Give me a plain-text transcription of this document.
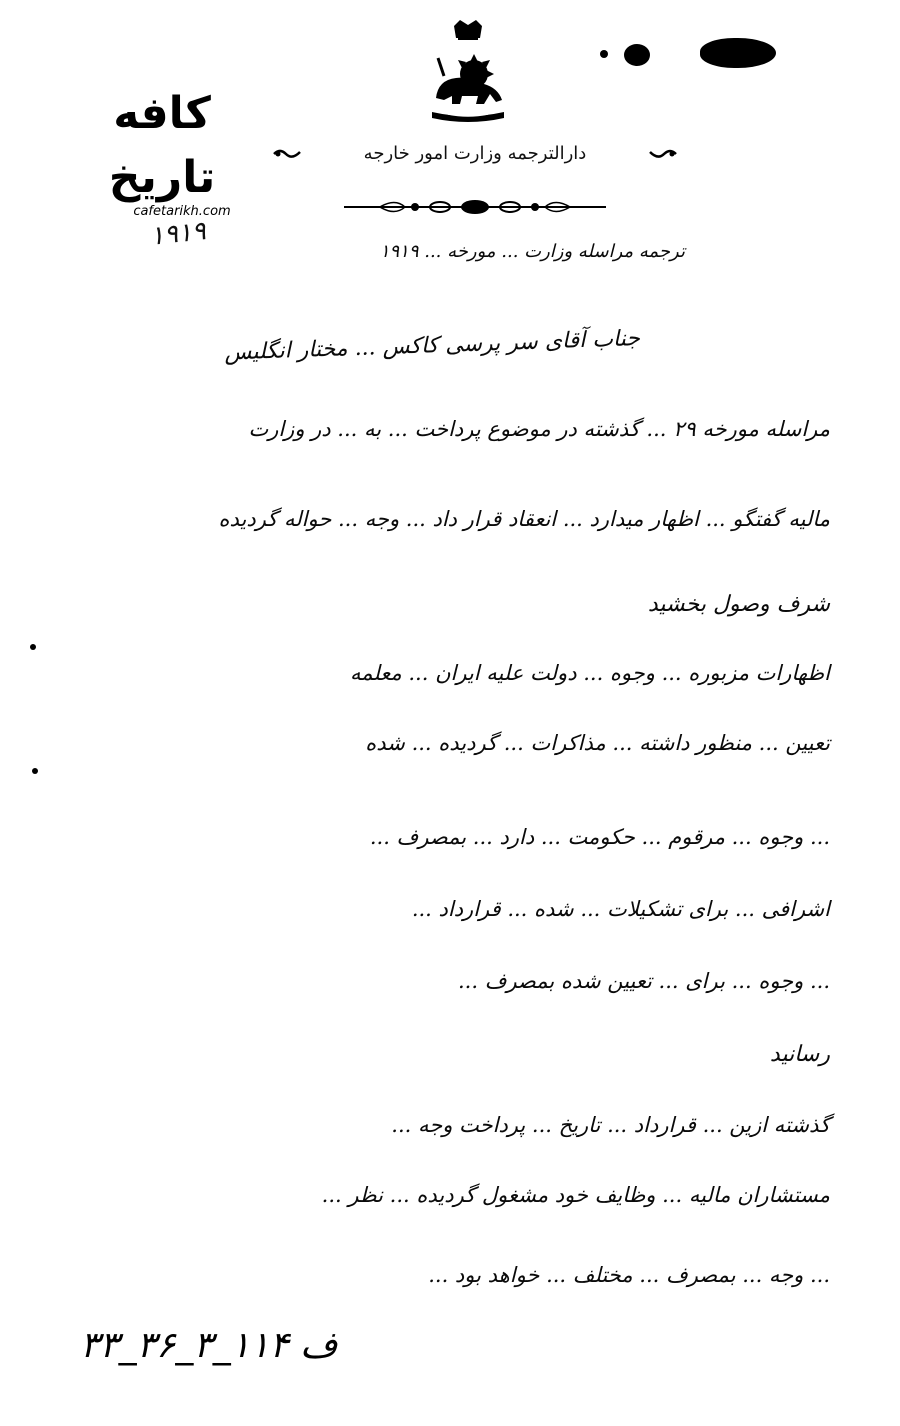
کافه تاریخ
cafetarikh.com
دارالترجمه وزارت امور خارجه
۱۹۱۹	ترجمه مراسله وزارت ... مورخه ... ۱۹۱۹
جناب آقای سر پرسی کاکس ... مختار انگلیس
مراسله مورخه ۲۹ ... گذشته در موضوع پرداخت ... به ... در وزارت
مالیه گفتگو ... اظهار میدارد ... انعقاد قرار داد ... وجه ... حواله گردیده
شرف وصول بخشید
اظهارات مزبوره ... وجوه ... دولت علیه ایران ... معلمه
تعیین ... منظور داشته ... مذاکرات ... گردیده ... شده
... وجوه ... مرقوم ... حکومت ... دارد ... بمصرف ...
اشرافی ... برای تشکیلات ... شده ... قرارداد ...
... وجوه ... برای ... تعیین شده بمصرف ...
رسانید
گذشته ازین ... قرارداد ... تاریخ ... پرداخت وجه ...
مستشاران مالیه ... وظایف خود مشغول گردیده ... نظر ...
... وجه ... بمصرف ... مختلف ... خواهد بود ...
ف ۱۱۴_۳_۳۶_۳۳
